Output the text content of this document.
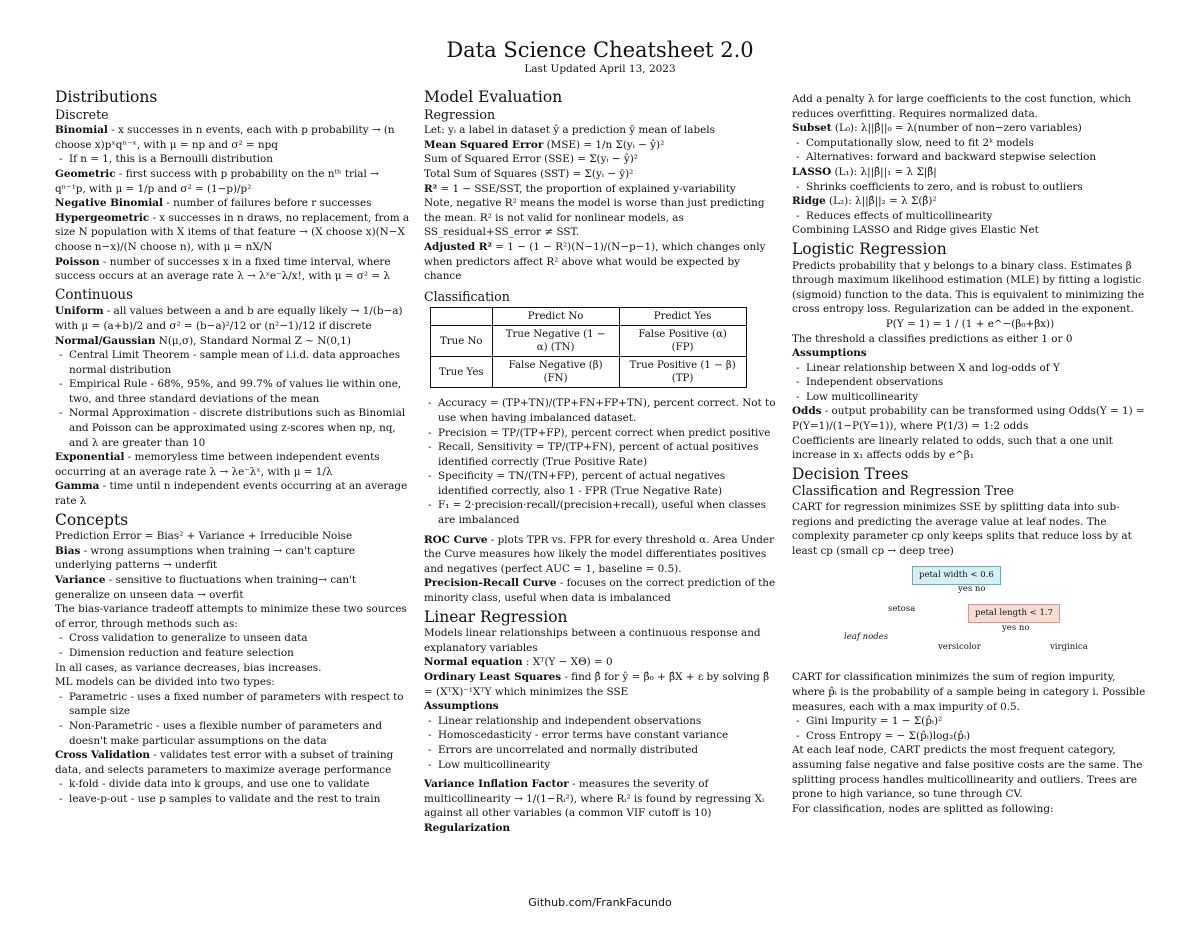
Data Science Cheatsheet 2.0
Last Updated April 13, 2023
Distributions
Discrete

Binomial - x successes in n events, each with p probability → (n choose x)pˣqⁿ⁻ˣ, with μ = np and σ² = npq

- If n = 1, this is a Bernoulli distribution

Geometric - first success with p probability on the nᵗʰ trial → qⁿ⁻¹p, with μ = 1/p and σ² = (1−p)/p²

Negative Binomial - number of failures before r successes

Hypergeometric - x successes in n draws, no replacement, from a size N population with X items of that feature → (X choose x)(N−X choose n−x)/(N choose n), with μ = nX/N

Poisson - number of successes x in a fixed time interval, where success occurs at an average rate λ → λˣe⁻λ/x!, with μ = σ² = λ

Continuous

Uniform - all values between a and b are equally likely → 1/(b−a) with μ = (a+b)/2 and σ² = (b−a)²/12 or (n²−1)/12 if discrete

Normal/Gaussian N(μ,σ), Standard Normal Z ~ N(0,1)

- Central Limit Theorem - sample mean of i.i.d. data approaches normal distribution
- Empirical Rule - 68%, 95%, and 99.7% of values lie within one, two, and three standard deviations of the mean
- Normal Approximation - discrete distributions such as Binomial and Poisson can be approximated using z-scores when np, nq, and λ are greater than 10

Exponential - memoryless time between independent events occurring at an average rate λ → λe⁻λˣ, with μ = 1/λ

Gamma - time until n independent events occurring at an average rate λ

Concepts

Prediction Error = Bias² + Variance + Irreducible Noise

Bias - wrong assumptions when training → can't capture underlying patterns → underfit

Variance - sensitive to fluctuations when training→ can't generalize on unseen data → overfit

The bias-variance tradeoff attempts to minimize these two sources of error, through methods such as:

- Cross validation to generalize to unseen data
- Dimension reduction and feature selection

In all cases, as variance decreases, bias increases.

ML models can be divided into two types:

- Parametric - uses a fixed number of parameters with respect to sample size
- Non-Parametric - uses a flexible number of parameters and doesn't make particular assumptions on the data

Cross Validation - validates test error with a subset of training data, and selects parameters to maximize average performance

- k-fold - divide data into k groups, and use one to validate
- leave-p-out - use p samples to validate and the rest to train
Model Evaluation
Regression

Let: yᵢ a label in dataset ŷ a prediction ȳ mean of labels

Mean Squared Error (MSE) = 1/n Σ(yᵢ − ŷ)²

Sum of Squared Error (SSE) = Σ(yᵢ − ŷ)²

Total Sum of Squares (SST) = Σ(yᵢ − ȳ)²

R² = 1 − SSE/SST, the proportion of explained y-variability

Note, negative R² means the model is worse than just predicting the mean. R² is not valid for nonlinear models, as SS_residual+SS_error ≠ SST.

Adjusted R² = 1 − (1 − R²)(N−1)/(N−p−1), which changes only when predictors affect R² above what would be expected by chance

Classification
	Predict No	Predict Yes
True No	True Negative (1 − α) (TN)	False Positive (α) (FP)
True Yes	False Negative (β) (FN)	True Positive (1 − β) (TP)
- Accuracy = (TP+TN)/(TP+FN+FP+TN), percent correct. Not to use when having imbalanced dataset.
- Precision = TP/(TP+FP), percent correct when predict positive
- Recall, Sensitivity = TP/(TP+FN), percent of actual positives identified correctly (True Positive Rate)
- Specificity = TN/(TN+FP), percent of actual negatives identified correctly, also 1 - FPR (True Negative Rate)
- F₁ = 2·precision·recall/(precision+recall), useful when classes are imbalanced

ROC Curve - plots TPR vs. FPR for every threshold α. Area Under the Curve measures how likely the model differentiates positives and negatives (perfect AUC = 1, baseline = 0.5).

Precision-Recall Curve - focuses on the correct prediction of the minority class, useful when data is imbalanced

Linear Regression

Models linear relationships between a continuous response and explanatory variables

Normal equation : Xᵀ(Y − XΘ) = 0

Ordinary Least Squares - find β̂ for ŷ = β̂₀ + β̂X + ε by solving β̂ = (XᵀX)⁻¹XᵀY which minimizes the SSE

Assumptions

- Linear relationship and independent observations
- Homoscedasticity - error terms have constant variance
- Errors are uncorrelated and normally distributed
- Low multicollinearity

Variance Inflation Factor - measures the severity of multicollinearity → 1/(1−Rᵢ²), where Rᵢ² is found by regressing Xᵢ against all other variables (a common VIF cutoff is 10)

Regularization

Add a penalty λ for large coefficients to the cost function, which reduces overfitting. Requires normalized data.

Subset (L₀): λ||β̂||₀ = λ(number of non−zero variables)

- Computationally slow, need to fit 2ᵏ models
- Alternatives: forward and backward stepwise selection

LASSO (L₁): λ||β̂||₁ = λ Σ|β̂|

- Shrinks coefficients to zero, and is robust to outliers

Ridge (L₂): λ||β̂||₂ = λ Σ(β̂)²

- Reduces effects of multicollinearity

Combining LASSO and Ridge gives Elastic Net

Logistic Regression

Predicts probability that y belongs to a binary class. Estimates β through maximum likelihood estimation (MLE) by fitting a logistic (sigmoid) function to the data. This is equivalent to minimizing the cross entropy loss. Regularization can be added in the exponent.

P(Y = 1) = 1 / (1 + e^−(β₀+βx))

The threshold a classifies predictions as either 1 or 0

Assumptions

- Linear relationship between X and log-odds of Y
- Independent observations
- Low multicollinearity

Odds - output probability can be transformed using Odds(Y = 1) = P(Y=1)/(1−P(Y=1)), where P(1/3) = 1:2 odds

Coefficients are linearly related to odds, such that a one unit increase in x₁ affects odds by e^β₁

Decision Trees
Classification and Regression Tree

CART for regression minimizes SSE by splitting data into sub-regions and predicting the average value at leaf nodes. The complexity parameter cp only keeps splits that reduce loss by at least cp (small cp → deep tree)

petal width < 0.6
yes no
setosa	petal length < 1.7
yes no
leaf nodes
versicolor	virginica

CART for classification minimizes the sum of region impurity, where p̂ᵢ is the probability of a sample being in category i. Possible measures, each with a max impurity of 0.5.

- Gini Impurity = 1 − Σ(p̂ᵢ)²
- Cross Entropy = − Σ(p̂ᵢ)log₂(p̂ᵢ)

At each leaf node, CART predicts the most frequent category, assuming false negative and false positive costs are the same. The splitting process handles multicollinearity and outliers. Trees are prone to high variance, so tune through CV.

For classification, nodes are splitted as following:

Github.com/FrankFacundo
